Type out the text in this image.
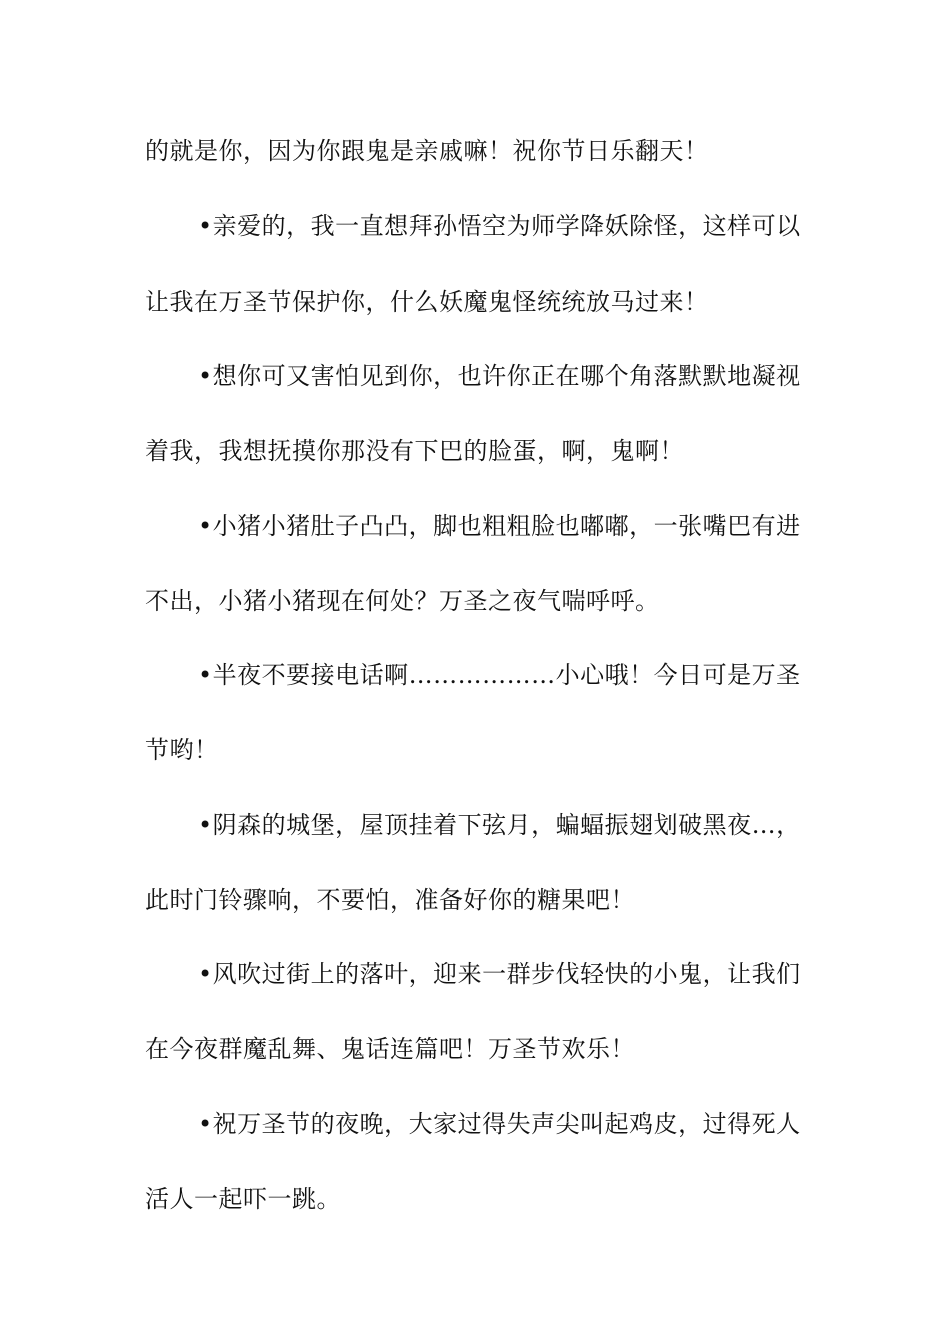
的就是你，因为你跟鬼是亲戚嘛！祝你节日乐翻天！
•亲爱的，我一直想拜孙悟空为师学降妖除怪，这样可以
让我在万圣节保护你，什么妖魔鬼怪统统放马过来！
•想你可又害怕见到你，也许你正在哪个角落默默地凝视
着我，我想抚摸你那没有下巴的脸蛋，啊，鬼啊！
•小猪小猪肚子凸凸，脚也粗粗脸也嘟嘟，一张嘴巴有进
不出，小猪小猪现在何处？万圣之夜气喘呼呼。
•半夜不要接电话啊………………小心哦！今日可是万圣
节哟！
•阴森的城堡，屋顶挂着下弦月，蝙蝠振翅划破黑夜…，
此时门铃骤响，不要怕，准备好你的糖果吧！
•风吹过街上的落叶，迎来一群步伐轻快的小鬼，让我们
在今夜群魔乱舞、鬼话连篇吧！万圣节欢乐！
•祝万圣节的夜晚，大家过得失声尖叫起鸡皮，过得死人
活人一起吓一跳。
